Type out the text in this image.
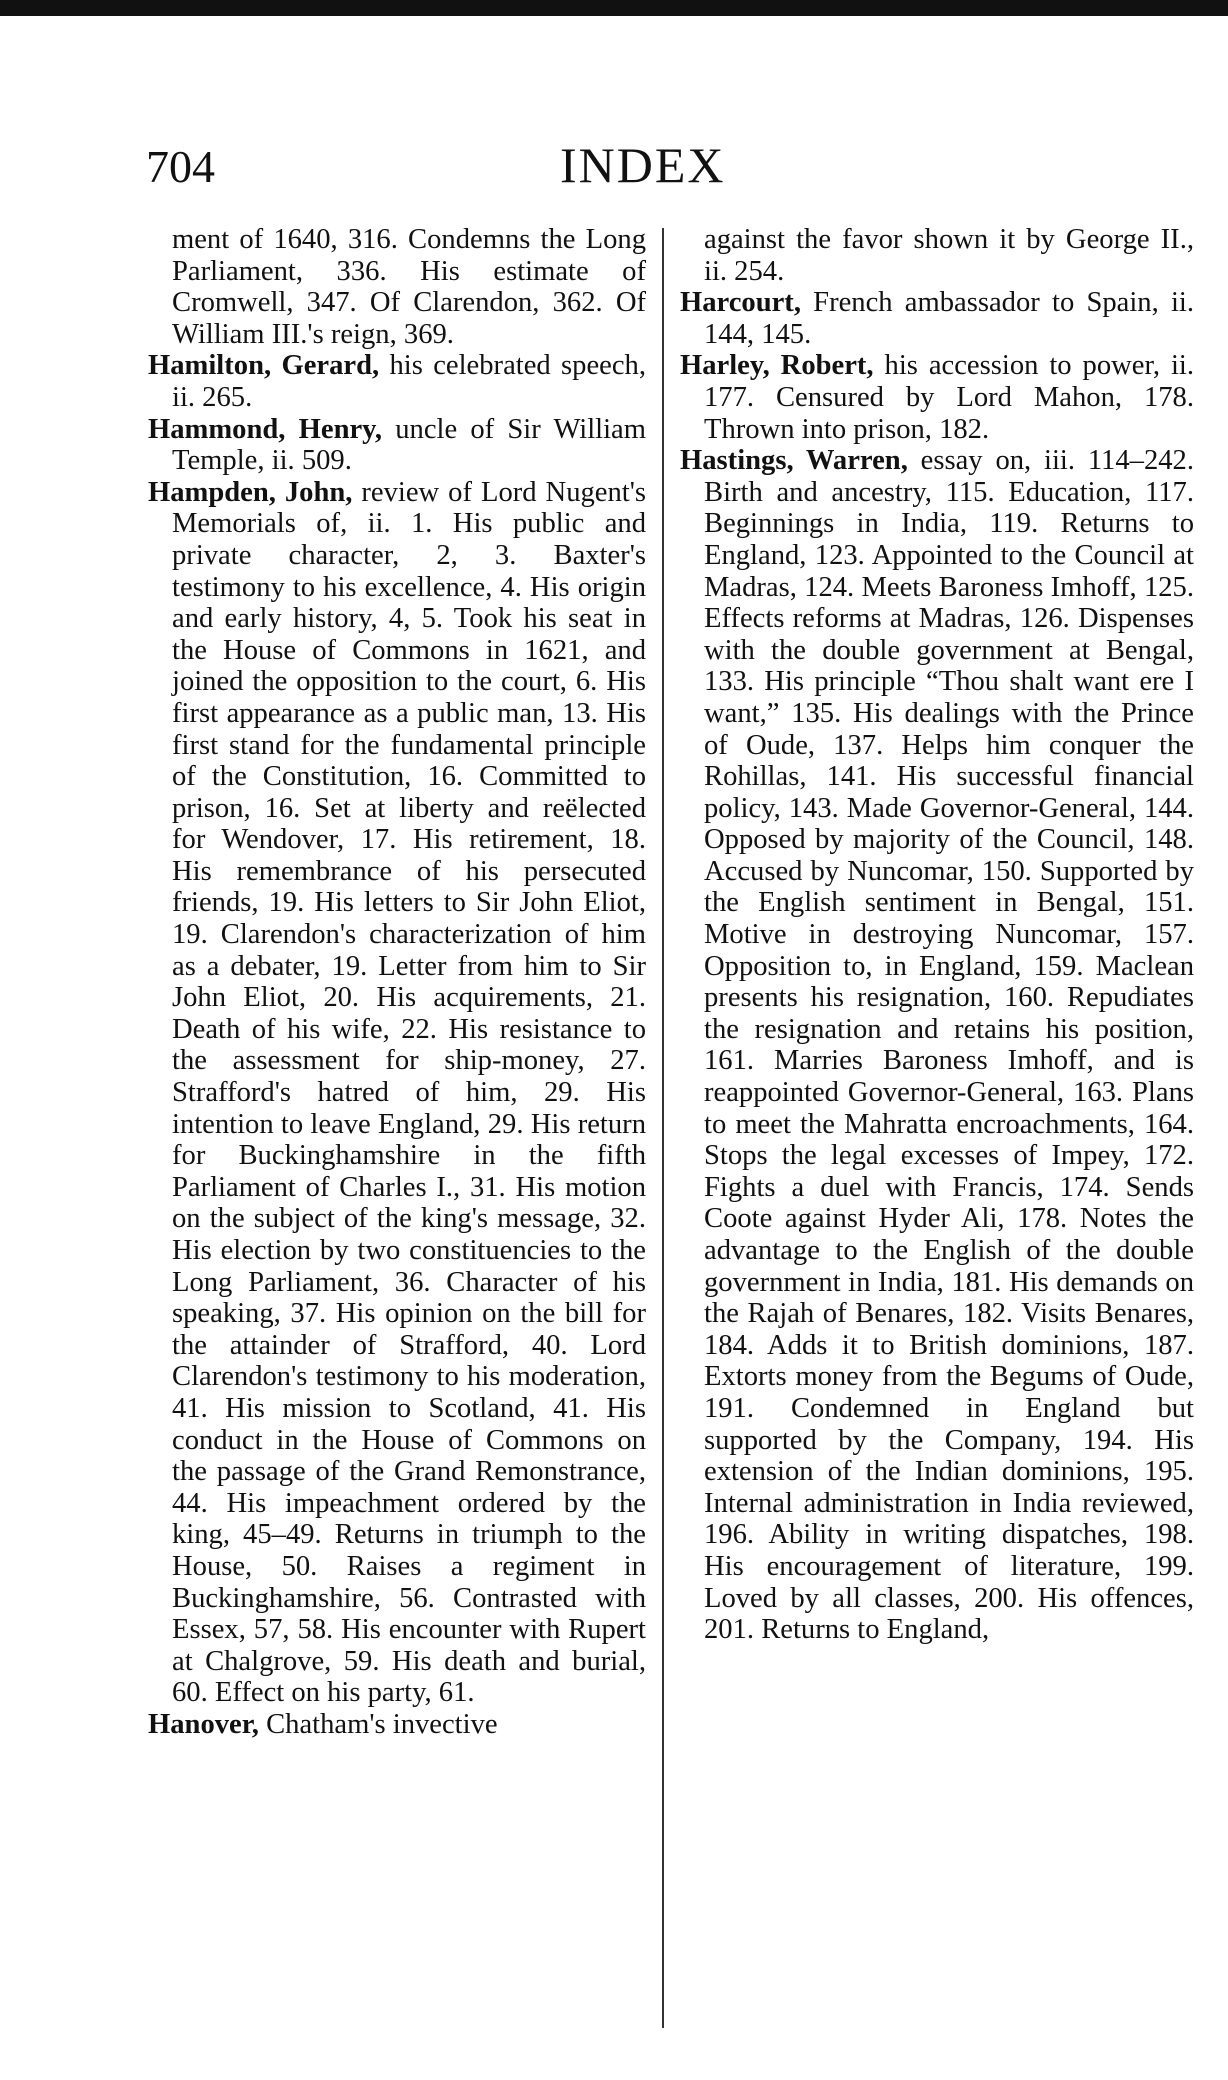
704	INDEX

ment of 1640, 316. Condemns the Long Parliament, 336. His estimate of Cromwell, 347. Of Clarendon, 362. Of William III.'s reign, 369.

Hamilton, Gerard, his celebrated speech, ii. 265.

Hammond, Henry, uncle of Sir William Temple, ii. 509.

Hampden, John, review of Lord Nugent's Memorials of, ii. 1. His public and private character, 2, 3. Baxter's testimony to his excellence, 4. His origin and early history, 4, 5. Took his seat in the House of Commons in 1621, and joined the opposition to the court, 6. His first appearance as a public man, 13. His first stand for the fundamental principle of the Constitution, 16. Committed to prison, 16. Set at liberty and reëlected for Wendover, 17. His retirement, 18. His remembrance of his persecuted friends, 19. His letters to Sir John Eliot, 19. Clarendon's characterization of him as a debater, 19. Letter from him to Sir John Eliot, 20. His acquirements, 21. Death of his wife, 22. His resistance to the assessment for ship-money, 27. Strafford's hatred of him, 29. His intention to leave England, 29. His return for Buckinghamshire in the fifth Parliament of Charles I., 31. His motion on the subject of the king's message, 32. His election by two constituencies to the Long Parliament, 36. Character of his speaking, 37. His opinion on the bill for the attainder of Strafford, 40. Lord Clarendon's testimony to his moderation, 41. His mission to Scotland, 41. His conduct in the House of Commons on the passage of the Grand Remonstrance, 44. His impeachment ordered by the king, 45–49. Returns in triumph to the House, 50. Raises a regiment in Buckinghamshire, 56. Contrasted with Essex, 57, 58. His encounter with Rupert at Chalgrove, 59. His death and burial, 60. Effect on his party, 61.

Hanover, Chatham's invective

against the favor shown it by George II., ii. 254.

Harcourt, French ambassador to Spain, ii. 144, 145.

Harley, Robert, his accession to power, ii. 177. Censured by Lord Mahon, 178. Thrown into prison, 182.

Hastings, Warren, essay on, iii. 114–242. Birth and ancestry, 115. Education, 117. Beginnings in India, 119. Returns to England, 123. Appointed to the Council at Madras, 124. Meets Baroness Imhoff, 125. Effects reforms at Madras, 126. Dispenses with the double government at Bengal, 133. His principle “Thou shalt want ere I want,” 135. His dealings with the Prince of Oude, 137. Helps him conquer the Rohillas, 141. His successful financial policy, 143. Made Governor-General, 144. Opposed by majority of the Council, 148. Accused by Nuncomar, 150. Supported by the English sentiment in Bengal, 151. Motive in destroying Nuncomar, 157. Opposition to, in England, 159. Maclean presents his resignation, 160. Repudiates the resignation and retains his position, 161. Marries Baroness Imhoff, and is reappointed Governor-General, 163. Plans to meet the Mahratta encroachments, 164. Stops the legal excesses of Impey, 172. Fights a duel with Francis, 174. Sends Coote against Hyder Ali, 178. Notes the advantage to the English of the double government in India, 181. His demands on the Rajah of Benares, 182. Visits Benares, 184. Adds it to British dominions, 187. Extorts money from the Begums of Oude, 191. Condemned in England but supported by the Company, 194. His extension of the Indian dominions, 195. Internal administration in India reviewed, 196. Ability in writing dispatches, 198. His encouragement of literature, 199. Loved by all classes, 200. His offences, 201. Returns to England,
